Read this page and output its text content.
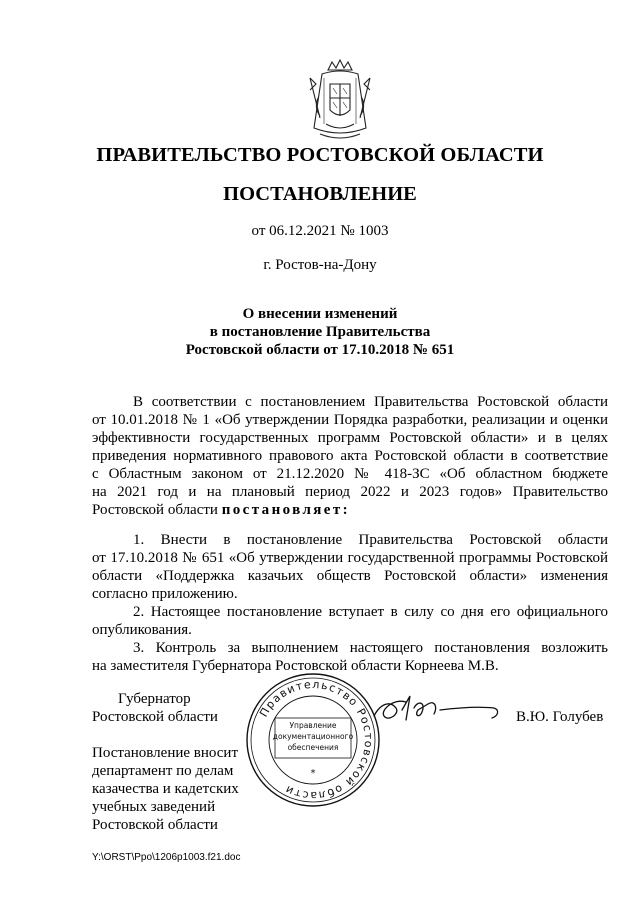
ПРАВИТЕЛЬСТВО РОСТОВСКОЙ ОБЛАСТИ
ПОСТАНОВЛЕНИЕ
от 06.12.2021 № 1003
г. Ростов-на-Дону
О внесении изменений
в постановление Правительства
Ростовской области от 17.10.2018 № 651
В соответствии с постановлением Правительства Ростовской области
от 10.01.2018 № 1 «Об утверждении Порядка разработки, реализации и оценки
эффективности государственных программ Ростовской области» и в целях
приведения нормативного правового акта Ростовской области в соответствие
с Областным законом от 21.12.2020 № 418-ЗС «Об областном бюджете
на 2021 год и на плановый период 2022 и 2023 годов» Правительство
Ростовской области постановляет:
1. Внести в постановление Правительства Ростовской области
от 17.10.2018 № 651 «Об утверждении государственной программы Ростовской
области «Поддержка казачьих обществ Ростовской области» изменения
согласно приложению.
2. Настоящее постановление вступает в силу со дня его официального
опубликования.
3. Контроль за выполнением настоящего постановления возложить
на заместителя Губернатора Ростовской области Корнеева М.В.
Губернатор
Ростовской области	В.Ю. Голубев
Правительство Ростовской области
Управление
документационного
обеспечения
*
Постановление вносит
департамент по делам
казачества и кадетских
учебных заведений
Ростовской области
Y:\ORST\Ppo\1206p1003.f21.doc
